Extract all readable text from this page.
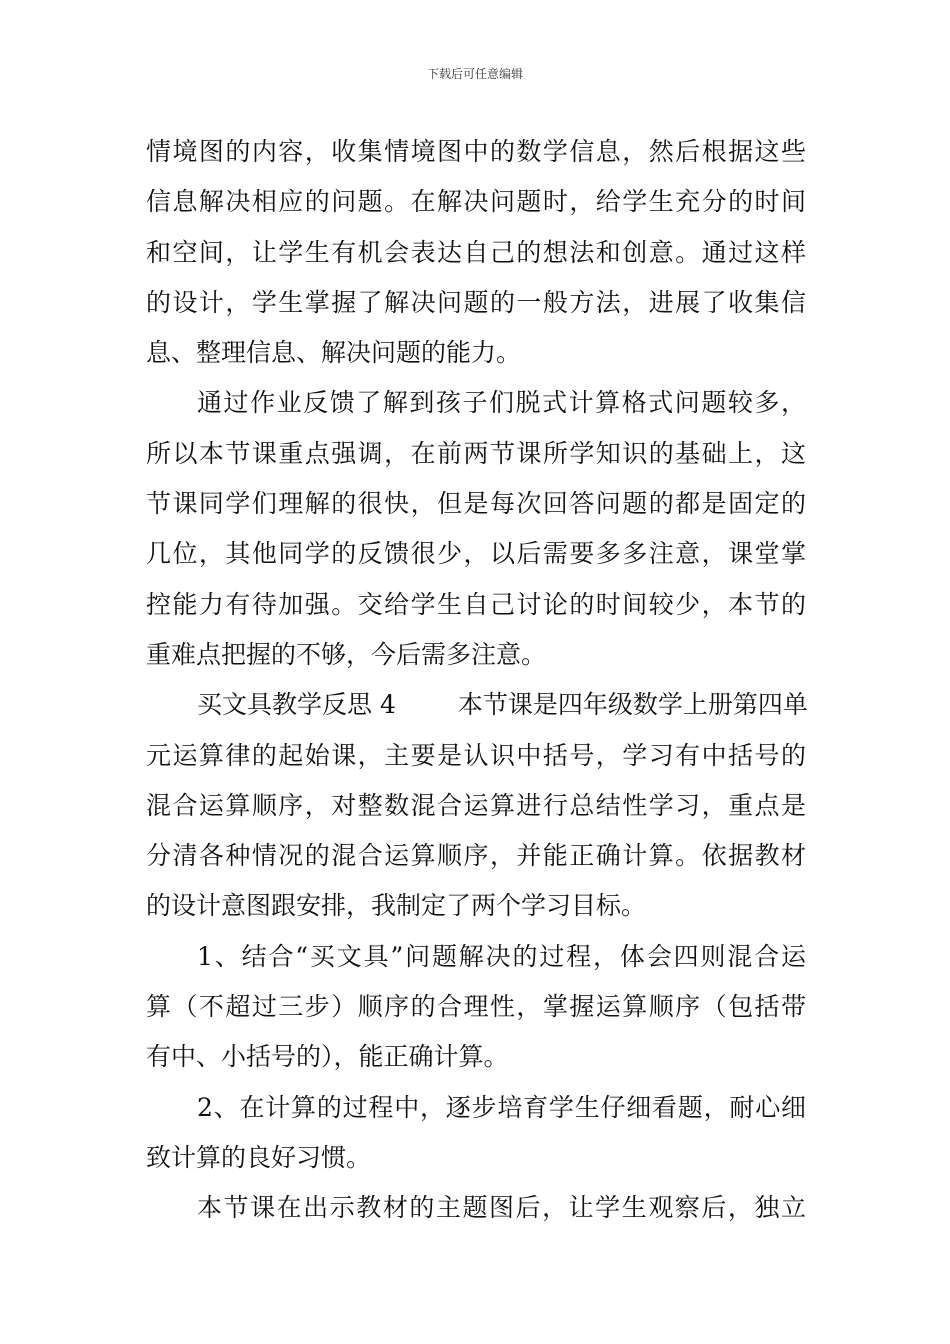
下载后可任意编辑
情境图的内容，收集情境图中的数学信息，然后根据这些
信息解决相应的问题。在解决问题时，给学生充分的时间
和空间，让学生有机会表达自己的想法和创意。通过这样
的设计，学生掌握了解决问题的一般方法，进展了收集信
息、整理信息、解决问题的能力。
通过作业反馈了解到孩子们脱式计算格式问题较多，
所以本节课重点强调，在前两节课所学知识的基础上，这
节课同学们理解的很快，但是每次回答问题的都是固定的
几位，其他同学的反馈很少，以后需要多多注意，课堂掌
控能力有待加强。交给学生自己讨论的时间较少，本节的
重难点把握的不够，今后需多注意。
买文具教学反思 4 本节课是四年级数学上册第四单
元运算律的起始课，主要是认识中括号，学习有中括号的
混合运算顺序，对整数混合运算进行总结性学习，重点是
分清各种情况的混合运算顺序，并能正确计算。依据教材
的设计意图跟安排，我制定了两个学习目标。
1、结合“买文具”问题解决的过程，体会四则混合运
算（不超过三步）顺序的合理性，掌握运算顺序（包括带
有中、小括号的），能正确计算。
2、在计算的过程中，逐步培育学生仔细看题，耐心细
致计算的良好习惯。
本节课在出示教材的主题图后，让学生观察后，独立
